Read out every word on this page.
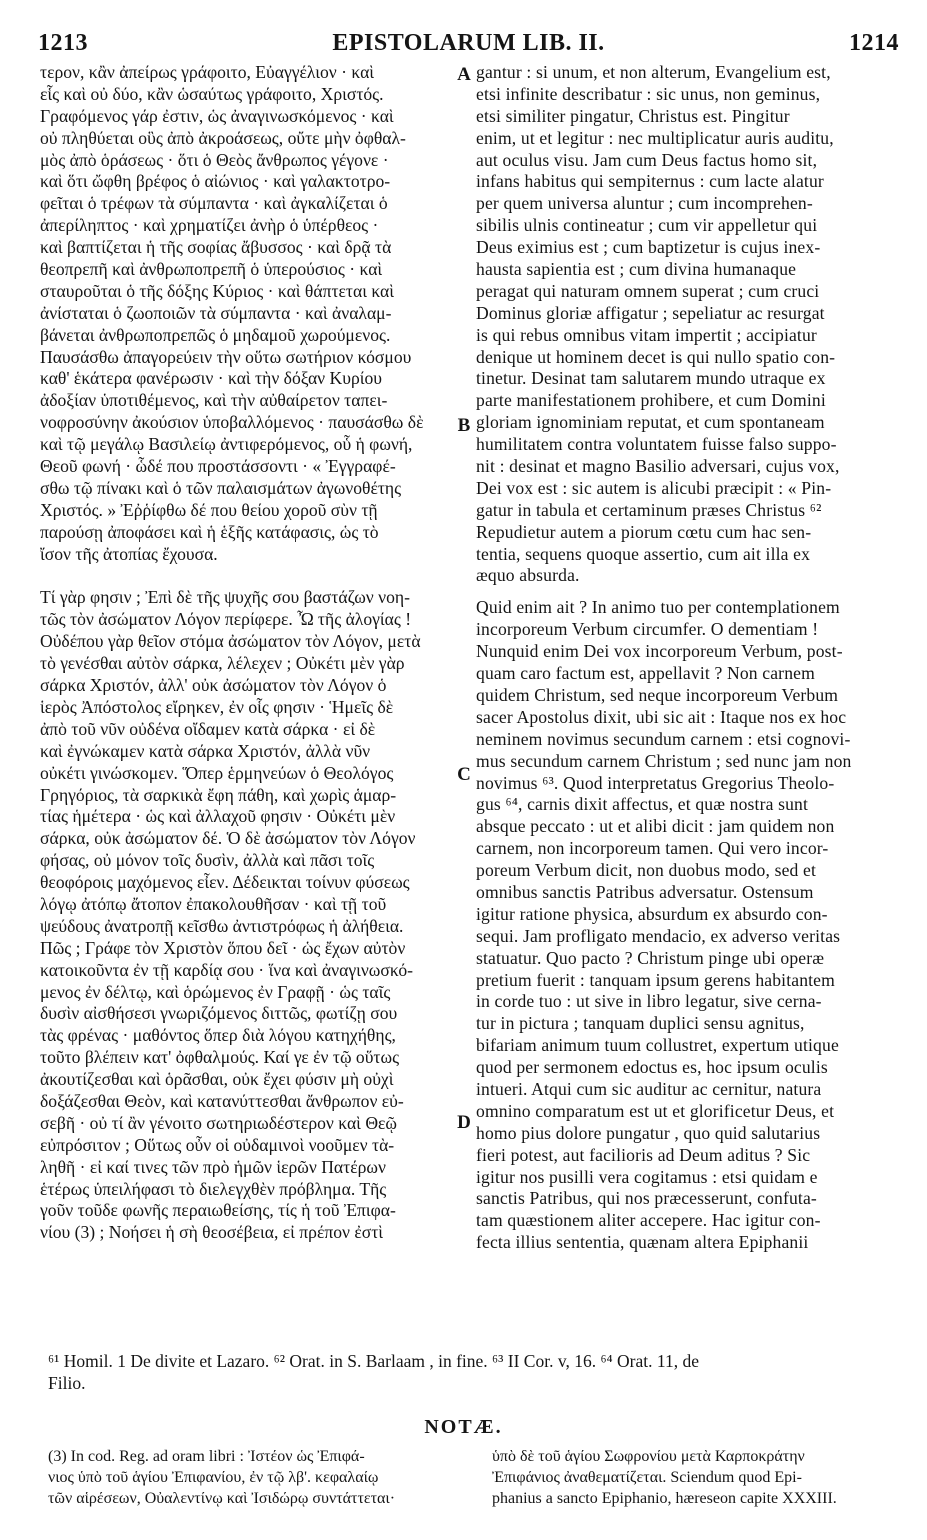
1213	EPISTOLARUM LIB. II.	1214
τερον, κἂν ἀπείρως γράφοιτο, Εὐαγγέλιον · καὶ
εἷς καὶ οὐ δύο, κἂν ὡσαύτως γράφοιτο, Χριστός.
Γραφόμενος γάρ ἐστιν, ὡς ἀναγινωσκόμενος · καὶ
οὐ πληθύεται οὓς ἀπὸ ἀκροάσεως, οὔτε μὴν ὀφθαλ-
μὸς ἀπὸ ὁράσεως · ὅτι ὁ Θεὸς ἄνθρωπος γέγονε ·
καὶ ὅτι ὤφθη βρέφος ὁ αἰώνιος · καὶ γαλακτοτρο-
φεῖται ὁ τρέφων τὰ σύμπαντα · καὶ ἀγκαλίζεται ὁ
ἀπερίληπτος · καὶ χρηματίζει ἀνὴρ ὁ ὑπέρθεος ·
καὶ βαπτίζεται ἡ τῆς σοφίας ἄβυσσος · καὶ δρᾷ τὰ
θεοπρεπῆ καὶ ἀνθρωποπρεπῆ ὁ ὑπερούσιος · καὶ
σταυροῦται ὁ τῆς δόξης Κύριος · καὶ θάπτεται καὶ
ἀνίσταται ὁ ζωοποιῶν τὰ σύμπαντα · καὶ ἀναλαμ-
βάνεται ἀνθρωποπρεπῶς ὁ μηδαμοῦ χωρούμενος.
Παυσάσθω ἀπαγορεύειν τὴν οὕτω σωτήριον κόσμου
καθ' ἑκάτερα φανέρωσιν · καὶ τὴν δόξαν Κυρίου
ἀδοξίαν ὑποτιθέμενος, καὶ τὴν αὐθαίρετον ταπει-
νοφροσύνην ἀκούσιον ὑποβαλλόμενος · παυσάσθω δὲ
καὶ τῷ μεγάλῳ Βασιλείῳ ἀντιφερόμενος, οὗ ἡ φωνή,
Θεοῦ φωνή · ὧδέ που προστάσσοντι · « Ἐγγραφέ-
σθω τῷ πίνακι καὶ ὁ τῶν παλαισμάτων ἀγωνοθέτης
Χριστός. » Ἐῤῥίφθω δέ που θείου χοροῦ σὺν τῇ
παρούσῃ ἀποφάσει καὶ ἡ ἑξῆς κατάφασις, ὡς τὸ
ἴσον τῆς ἀτοπίας ἔχουσα.
Τί γὰρ φησιν ; Ἐπὶ δὲ τῆς ψυχῆς σου βαστάζων νοη-
τῶς τὸν ἀσώματον Λόγον περίφερε. Ὦ τῆς ἀλογίας !
Οὐδέπου γὰρ θεῖον στόμα ἀσώματον τὸν Λόγον, μετὰ
τὸ γενέσθαι αὐτὸν σάρκα, λέλεχεν ; Οὐκέτι μὲν γὰρ
σάρκα Χριστόν, ἀλλ' οὐκ ἀσώματον τὸν Λόγον ὁ
ἱερὸς Ἀπόστολος εἴρηκεν, ἐν οἷς φησιν · Ἡμεῖς δὲ
ἀπὸ τοῦ νῦν οὐδένα οἴδαμεν κατὰ σάρκα · εἰ δὲ
καὶ ἐγνώκαμεν κατὰ σάρκα Χριστόν, ἀλλὰ νῦν
οὐκέτι γινώσκομεν. Ὅπερ ἑρμηνεύων ὁ Θεολόγος
Γρηγόριος, τὰ σαρκικὰ ἔφη πάθη, καὶ χωρὶς ἁμαρ-
τίας ἡμέτερα · ὡς καὶ ἀλλαχοῦ φησιν · Οὐκέτι μὲν
σάρκα, οὐκ ἀσώματον δέ. Ὁ δὲ ἀσώματον τὸν Λόγον
φήσας, οὐ μόνον τοῖς δυσὶν, ἀλλὰ καὶ πᾶσι τοῖς
θεοφόροις μαχόμενος εἶεν. Δέδεικται τοίνυν φύσεως
λόγῳ ἀτόπῳ ἄτοπον ἐπακολουθῆσαν · καὶ τῇ τοῦ
ψεύδους ἀνατροπῇ κεῖσθω ἀντιστρόφως ἡ ἀλήθεια.
Πῶς ; Γράφε τὸν Χριστὸν ὅπου δεῖ · ὡς ἔχων αὐτὸν
κατοικοῦντα ἐν τῇ καρδίᾳ σου · ἵνα καὶ ἀναγινωσκό-
μενος ἐν δέλτῳ, καὶ ὁρώμενος ἐν Γραφῇ · ὡς ταῖς
δυσὶν αἰσθήσεσι γνωριζόμενος διττῶς, φωτίζῃ σου
τὰς φρένας · μαθόντος ὅπερ διὰ λόγου κατηχήθης,
τοῦτο βλέπειν κατ' ὀφθαλμούς. Καί γε ἐν τῷ οὕτως
ἀκουτίζεσθαι καὶ ὁρᾶσθαι, οὐκ ἔχει φύσιν μὴ οὐχὶ
δοξάζεσθαι Θεὸν, καὶ κατανύττεσθαι ἄνθρωπον εὐ-
σεβῆ · οὐ τί ἂν γένοιτο σωτηριωδέστερον καὶ Θεῷ
εὐπρόσιτον ; Οὕτως οὖν οἱ οὐδαμινοὶ νοοῦμεν τὰ-
ληθῆ · εἰ καί τινες τῶν πρὸ ἡμῶν ἱερῶν Πατέρων
ἑτέρως ὑπειλήφασι τὸ διελεγχθὲν πρόβλημα. Τῆς
γοῦν τοῦδε φωνῆς περαιωθείσης, τίς ἡ τοῦ Ἐπιφα-
νίου (3) ; Νοήσει ἡ σὴ θεοσέβεια, εἰ πρέπον ἐστὶ
gantur : si unum, et non alterum, Evangelium est,
etsi infinite describatur : sic unus, non geminus,
etsi similiter pingatur, Christus est. Pingitur
enim, ut et legitur : nec multiplicatur auris auditu,
aut oculus visu. Jam cum Deus factus homo sit,
infans habitus qui sempiternus : cum lacte alatur
per quem universa aluntur ; cum incomprehen-
sibilis ulnis contineatur ; cum vir appelletur qui
Deus eximius est ; cum baptizetur is cujus inex-
hausta sapientia est ; cum divina humanaque
peragat qui naturam omnem superat ; cum cruci
Dominus gloriæ affigatur ; sepeliatur ac resurgat
is qui rebus omnibus vitam impertit ; accipiatur
denique ut hominem decet is qui nullo spatio con-
tinetur. Desinat tam salutarem mundo utraque ex
parte manifestationem prohibere, et cum Domini
gloriam ignominiam reputat, et cum spontaneam
humilitatem contra voluntatem fuisse falso suppo-
nit : desinat et magno Basilio adversari, cujus vox,
Dei vox est : sic autem is alicubi præcipit : « Pin-
gatur in tabula et certaminum præses Christus ⁶²
Repudietur autem a piorum cœtu cum hac sen-
tentia, sequens quoque assertio, cum ait illa ex
æquo absurda.
Quid enim ait ? In animo tuo per contemplationem
incorporeum Verbum circumfer. O dementiam !
Nunquid enim Dei vox incorporeum Verbum, post-
quam caro factum est, appellavit ? Non carnem
quidem Christum, sed neque incorporeum Verbum
sacer Apostolus dixit, ubi sic ait : Itaque nos ex hoc
neminem novimus secundum carnem : etsi cognovi-
mus secundum carnem Christum ; sed nunc jam non
novimus ⁶³. Quod interpretatus Gregorius Theolo-
gus ⁶⁴, carnis dixit affectus, et quæ nostra sunt
absque peccato : ut et alibi dicit : jam quidem non
carnem, non incorporeum tamen. Qui vero incor-
poreum Verbum dicit, non duobus modo, sed et
omnibus sanctis Patribus adversatur. Ostensum
igitur ratione physica, absurdum ex absurdo con-
sequi. Jam profligato mendacio, ex adverso veritas
statuatur. Quo pacto ? Christum pinge ubi operæ
pretium fuerit : tanquam ipsum gerens habitantem
in corde tuo : ut sive in libro legatur, sive cerna-
tur in pictura ; tanquam duplici sensu agnitus,
bifariam animum tuum collustret, expertum utique
quod per sermonem edoctus es, hoc ipsum oculis
intueri. Atqui cum sic auditur ac cernitur, natura
omnino comparatum est ut et glorificetur Deus, et
homo pius dolore pungatur , quo quid salutarius
fieri potest, aut facilioris ad Deum aditus ? Sic
igitur nos pusilli vera cogitamus : etsi quidam e
sanctis Patribus, qui nos præcesserunt, confuta-
tam quæstionem aliter accepere. Hac igitur con-
fecta illius sententia, quænam altera Epiphanii
A
B
C
D
⁶¹ Homil. 1 De divite et Lazaro. ⁶² Orat. in S. Barlaam , in fine. ⁶³ II Cor. v, 16. ⁶⁴ Orat. 11, de
Filio.
NOTÆ.
(3) In cod. Reg. ad oram libri : Ἰστέον ὡς Ἐπιφά-
νιος ὑπὸ τοῦ ἁγίου Ἐπιφανίου, ἐν τῷ λβ'. κεφαλαίῳ
τῶν αἱρέσεων, Οὐαλεντίνῳ καὶ Ἰσιδώρῳ συντάττεται·
ὑπὸ δὲ τοῦ ἁγίου Σωφρονίου μετὰ Καρποκράτην
Ἐπιφάνιος ἀναθεματίζεται. Sciendum quod Epi-
phanius a sancto Epiphanio, hæreseon capite XXXIII.
